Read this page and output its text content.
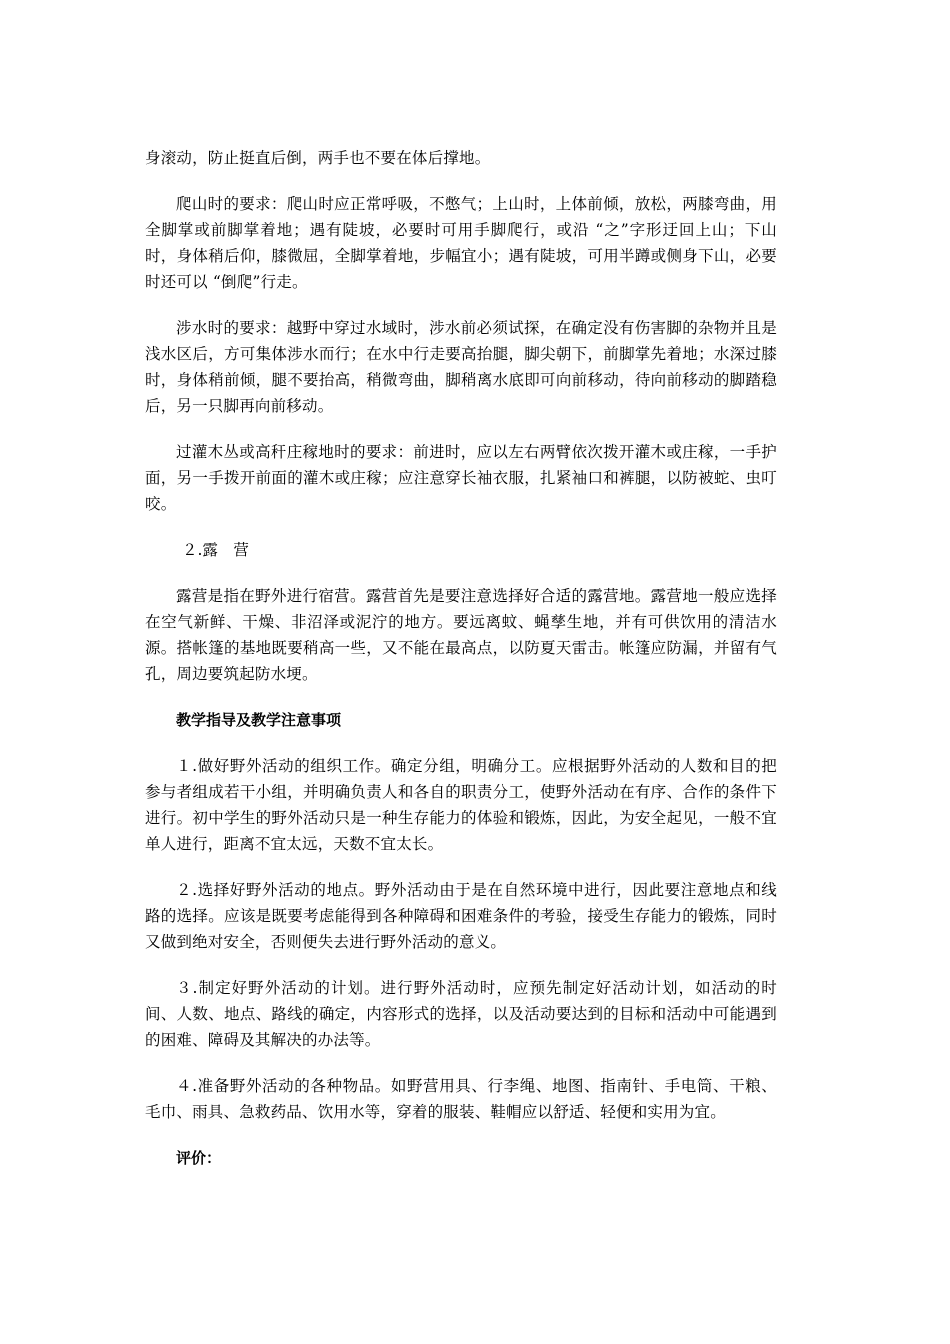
身滚动，防止挺直后倒，两手也不要在体后撑地。

爬山时的要求：爬山时应正常呼吸，不憋气；上山时，上体前倾，放松，两膝弯曲，用全脚掌或前脚掌着地；遇有陡坡，必要时可用手脚爬行，或沿 “之”字形迂回上山；下山时，身体稍后仰，膝微屈，全脚掌着地，步幅宜小；遇有陡坡，可用半蹲或侧身下山，必要时还可以 “倒爬”行走。

涉水时的要求：越野中穿过水域时，涉水前必须试探，在确定没有伤害脚的杂物并且是浅水区后，方可集体涉水而行；在水中行走要高抬腿，脚尖朝下，前脚掌先着地；水深过膝时，身体稍前倾，腿不要抬高，稍微弯曲，脚稍离水底即可向前移动，待向前移动的脚踏稳后，另一只脚再向前移动。

过灌木丛或高秆庄稼地时的要求：前进时，应以左右两臂依次拨开灌木或庄稼，一手护面，另一手拨开前面的灌木或庄稼；应注意穿长袖衣服，扎紧袖口和裤腿，以防被蛇、虫叮咬。

２.露　营

露营是指在野外进行宿营。露营首先是要注意选择好合适的露营地。露营地一般应选择在空气新鲜、干燥、非沼泽或泥泞的地方。要远离蚊、蝇孳生地，并有可供饮用的清洁水源。搭帐篷的基地既要稍高一些，又不能在最高点，以防夏天雷击。帐篷应防漏，并留有气孔，周边要筑起防水埂。

教学指导及教学注意事项

１.做好野外活动的组织工作。确定分组，明确分工。应根据野外活动的人数和目的把参与者组成若干小组，并明确负责人和各自的职责分工，使野外活动在有序、合作的条件下进行。初中学生的野外活动只是一种生存能力的体验和锻炼，因此，为安全起见，一般不宜单人进行，距离不宜太远，天数不宜太长。

２.选择好野外活动的地点。野外活动由于是在自然环境中进行，因此要注意地点和线路的选择。应该是既要考虑能得到各种障碍和困难条件的考验，接受生存能力的锻炼，同时又做到绝对安全，否则便失去进行野外活动的意义。

３.制定好野外活动的计划。进行野外活动时，应预先制定好活动计划，如活动的时间、人数、地点、路线的确定，内容形式的选择，以及活动要达到的目标和活动中可能遇到的困难、障碍及其解决的办法等。

４.准备野外活动的各种物品。如野营用具、行李绳、地图、指南针、手电筒、干粮、毛巾、雨具、急救药品、饮用水等，穿着的服装、鞋帽应以舒适、轻便和实用为宜。

评价：
